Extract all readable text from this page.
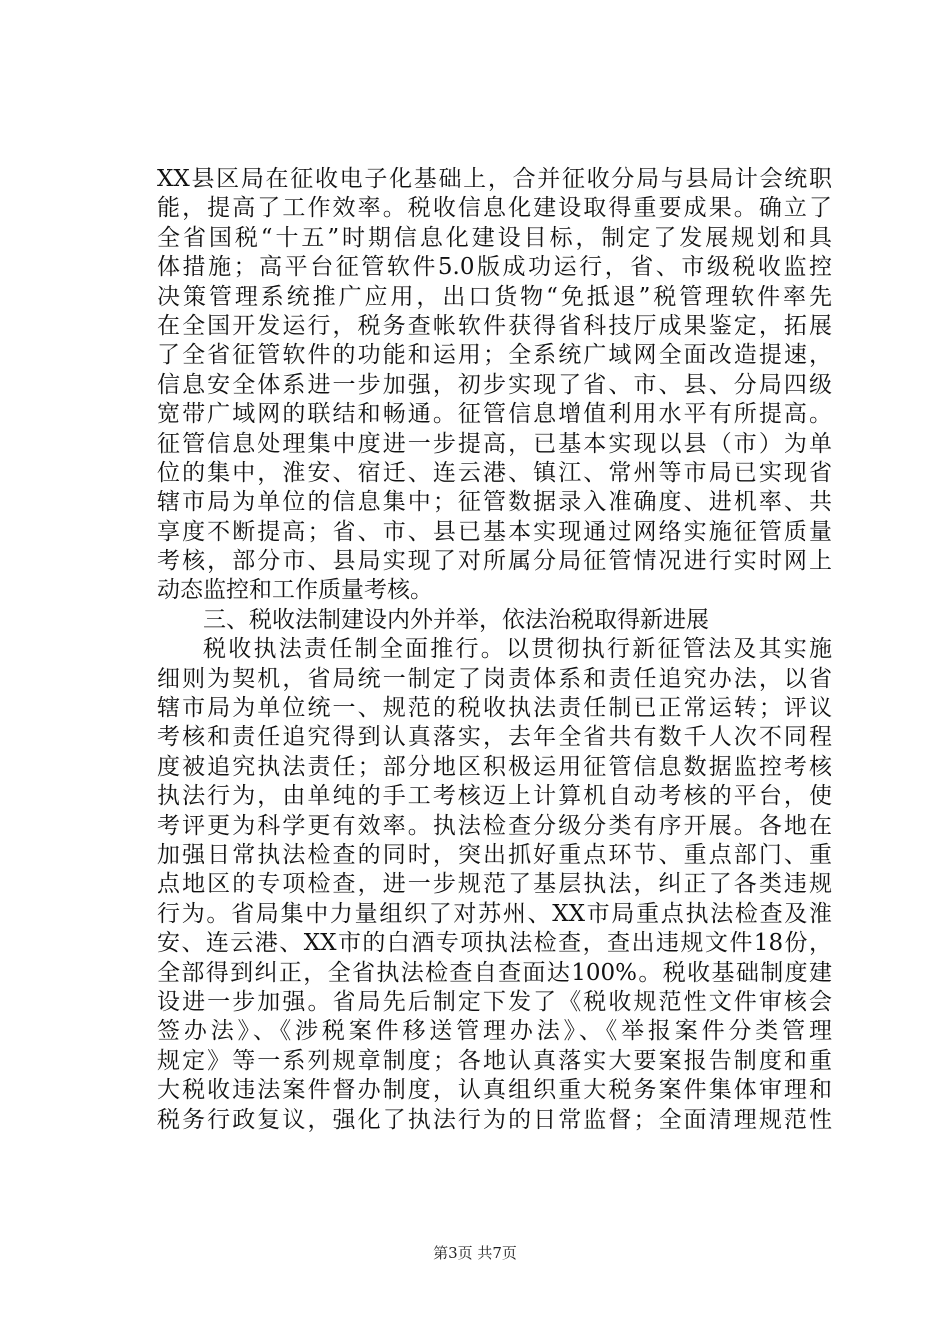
XX县区局在征收电子化基础上，合并征收分局与县局计会统职
能，提高了工作效率。税收信息化建设取得重要成果。确立了
全省国税“十五”时期信息化建设目标，制定了发展规划和具
体措施；高平台征管软件5.0版成功运行，省、市级税收监控
决策管理系统推广应用，出口货物“免抵退”税管理软件率先
在全国开发运行，税务查帐软件获得省科技厅成果鉴定，拓展
了全省征管软件的功能和运用；全系统广域网全面改造提速，
信息安全体系进一步加强，初步实现了省、市、县、分局四级
宽带广域网的联结和畅通。征管信息增值利用水平有所提高。
征管信息处理集中度进一步提高，已基本实现以县（市）为单
位的集中，淮安、宿迁、连云港、镇江、常州等市局已实现省
辖市局为单位的信息集中；征管数据录入准确度、进机率、共
享度不断提高；省、市、县已基本实现通过网络实施征管质量
考核，部分市、县局实现了对所属分局征管情况进行实时网上
动态监控和工作质量考核。
三、税收法制建设内外并举，依法治税取得新进展
税收执法责任制全面推行。以贯彻执行新征管法及其实施
细则为契机，省局统一制定了岗责体系和责任追究办法，以省
辖市局为单位统一、规范的税收执法责任制已正常运转；评议
考核和责任追究得到认真落实，去年全省共有数千人次不同程
度被追究执法责任；部分地区积极运用征管信息数据监控考核
执法行为，由单纯的手工考核迈上计算机自动考核的平台，使
考评更为科学更有效率。执法检查分级分类有序开展。各地在
加强日常执法检查的同时，突出抓好重点环节、重点部门、重
点地区的专项检查，进一步规范了基层执法，纠正了各类违规
行为。省局集中力量组织了对苏州、XX市局重点执法检查及淮
安、连云港、XX市的白酒专项执法检查，查出违规文件18份，
全部得到纠正，全省执法检查自查面达100%。税收基础制度建
设进一步加强。省局先后制定下发了《税收规范性文件审核会
签办法》、《涉税案件移送管理办法》、《举报案件分类管理
规定》等一系列规章制度；各地认真落实大要案报告制度和重
大税收违法案件督办制度，认真组织重大税务案件集体审理和
税务行政复议，强化了执法行为的日常监督；全面清理规范性
第3页 共7页
